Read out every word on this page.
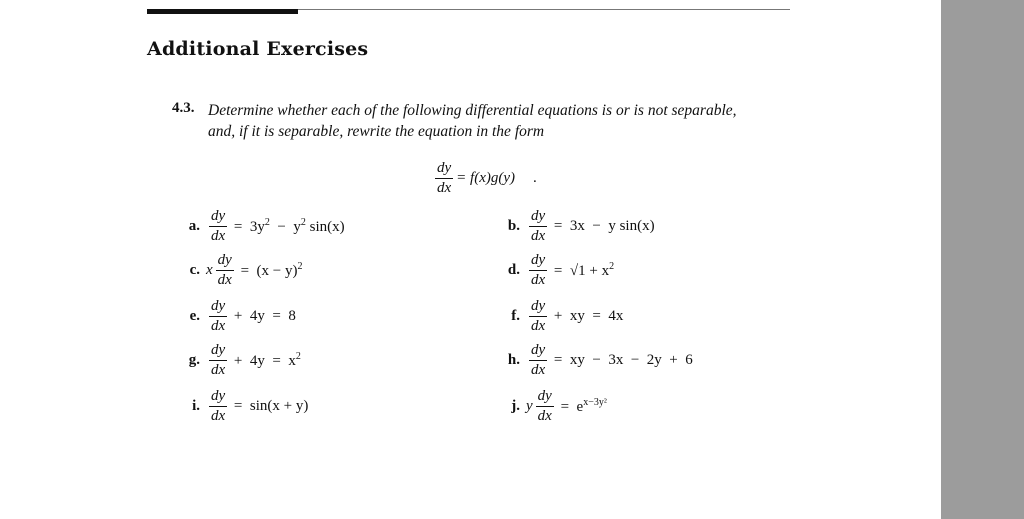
Additional Exercises
4.3. Determine whether each of the following differential equations is or is not separable,
and, if it is separable, rewrite the equation in the form
$\frac{dy}{dx} = f(x)g(y)$ .
a. $\frac{dy}{dx} = 3y^2 - y^2$ sin(x)	b. $\frac{dy}{dx} = 3x - y$ sin(x)
c. x $\frac{dy}{dx} = (x - y)^2$	d. $\frac{dy}{dx} = √1 + x^2$
e. $\frac{dy}{dx} + 4y = 8$	f. $\frac{dy}{dx}$ +  xy  =  4x
g. $\frac{dy}{dx} + 4y = x^2$	h. $\frac{dy}{dx}$ =  xy  −  3x  −  2y  +  6
i. $\frac{dy}{dx} = \sin(x + y)$	j. y $\frac{dy}{dx} = e^{x-3y^2}$
